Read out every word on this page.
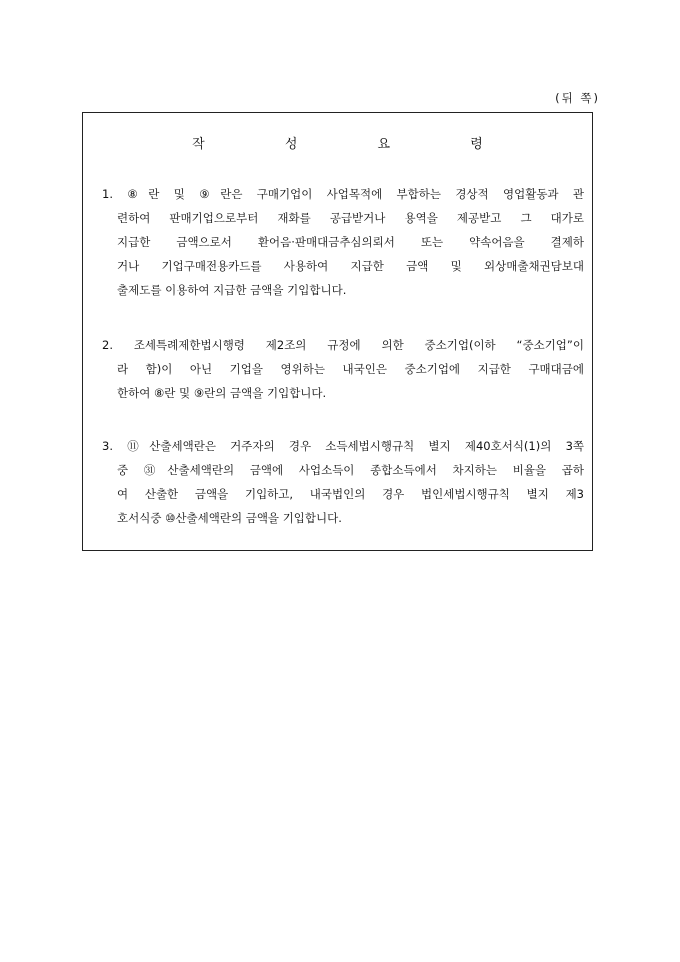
(뒤 쪽)
작 성 요 령
1. ⑧란 및 ⑨란은 구매기업이 사업목적에 부합하는 경상적 영업활동과 관
련하여 판매기업으로부터 재화를 공급받거나 용역을 제공받고 그 대가로
지급한 금액으로서 환어음·판매대금추심의뢰서 또는 약속어음을 결제하
거나 기업구매전용카드를 사용하여 지급한 금액 및 외상매출채권담보대
출제도를 이용하여 지급한 금액을 기입합니다.
2. 조세특례제한법시행령 제2조의 규정에 의한 중소기업(이하 “중소기업”이
라 함)이 아닌 기업을 영위하는 내국인은 중소기업에 지급한 구매대금에
한하여 ⑧란 및 ⑨란의 금액을 기입합니다.
3. ⑪산출세액란은 거주자의 경우 소득세법시행규칙 별지 제40호서식(1)의 3쪽
중 ㉛산출세액란의 금액에 사업소득이 종합소득에서 차지하는 비율을 곱하
여 산출한 금액을 기입하고, 내국법인의 경우 법인세법시행규칙 별지 제3
호서식중 ⑩산출세액란의 금액을 기입합니다.
